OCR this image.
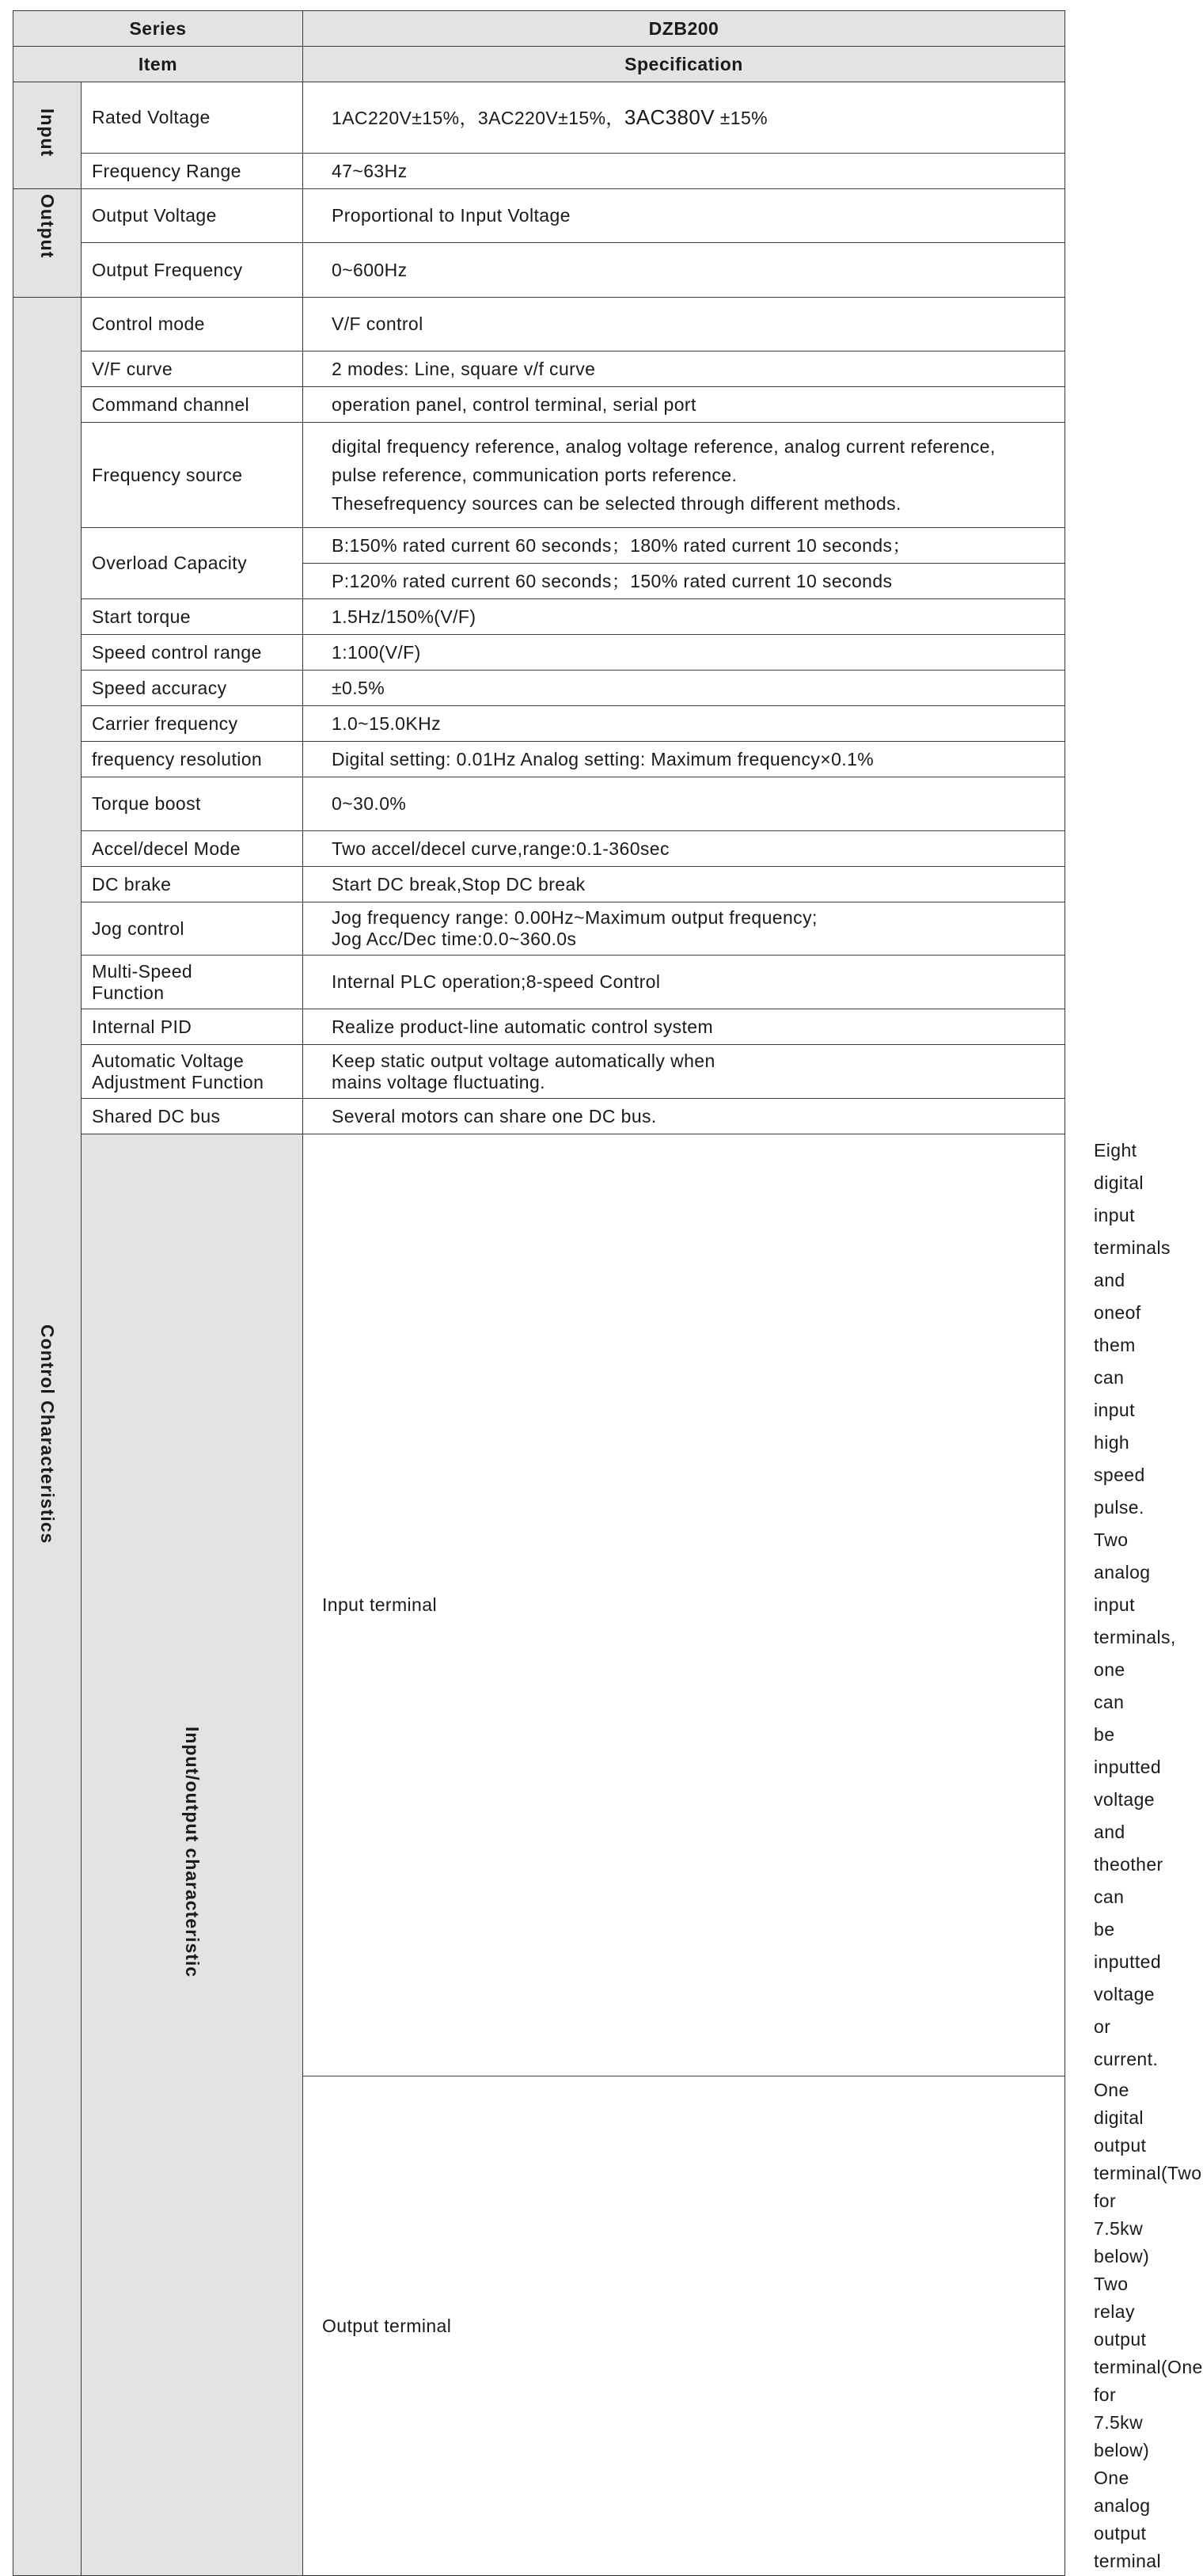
Series		DZB200	
Item		Specification	
Input	Rated Voltage	1AC220V±15%，3AC220V±15%，3AC380V ±15%	
	Frequency Range	47~63Hz	
Output	Output Voltage	Proportional to Input Voltage	
	Output Frequency	0~600Hz	
Control Characteristics	Control mode	V/F control	
	V/F curve	2 modes: Line, square v/f curve	
	Command channel	operation panel, control terminal, serial port	
	Frequency source	digital frequency reference, analog voltage reference, analog current reference,
pulse reference, communication ports reference.
Thesefrequency sources can be selected through different methods.	

	Overload Capacity	B:150% rated current 60 seconds；180% rated current 10 seconds；	
		P:120% rated current 60 seconds；150% rated current 10 seconds	
	Start torque	1.5Hz/150%(V/F)	
	Speed control range	1:100(V/F)	
	Speed accuracy	±0.5%	
	Carrier frequency	1.0~15.0KHz	
	frequency resolution	Digital setting: 0.01Hz Analog setting: Maximum frequency×0.1%	
	Torque boost	0~30.0%	
	Accel/decel Mode	Two accel/decel curve,range:0.1-360sec	
	DC brake	Start DC break,Stop DC break	
	Jog control	Jog frequency range: 0.00Hz~Maximum output frequency;
Jog Acc/Dec time:0.0~360.0s	

	Multi-Speed
Function	Internal PLC operation;8-speed Control	
	Internal PID	Realize product-line automatic control system	

	Automatic Voltage
Adjustment Function	Keep static output voltage automatically when
mains voltage fluctuating.	

	Shared DC bus	Several motors can share one DC bus.	
	Input/output characteristic	Input terminal	Eight digital input terminals and oneof them can input high speed pulse.
Two analog input terminals, one can be inputted voltage and theother can be
inputted voltage or current.

		Output terminal	One digital output terminal(Two for 7.5kw below)
Two relay output terminal(One for 7.5kw below)
One analog output terminal
